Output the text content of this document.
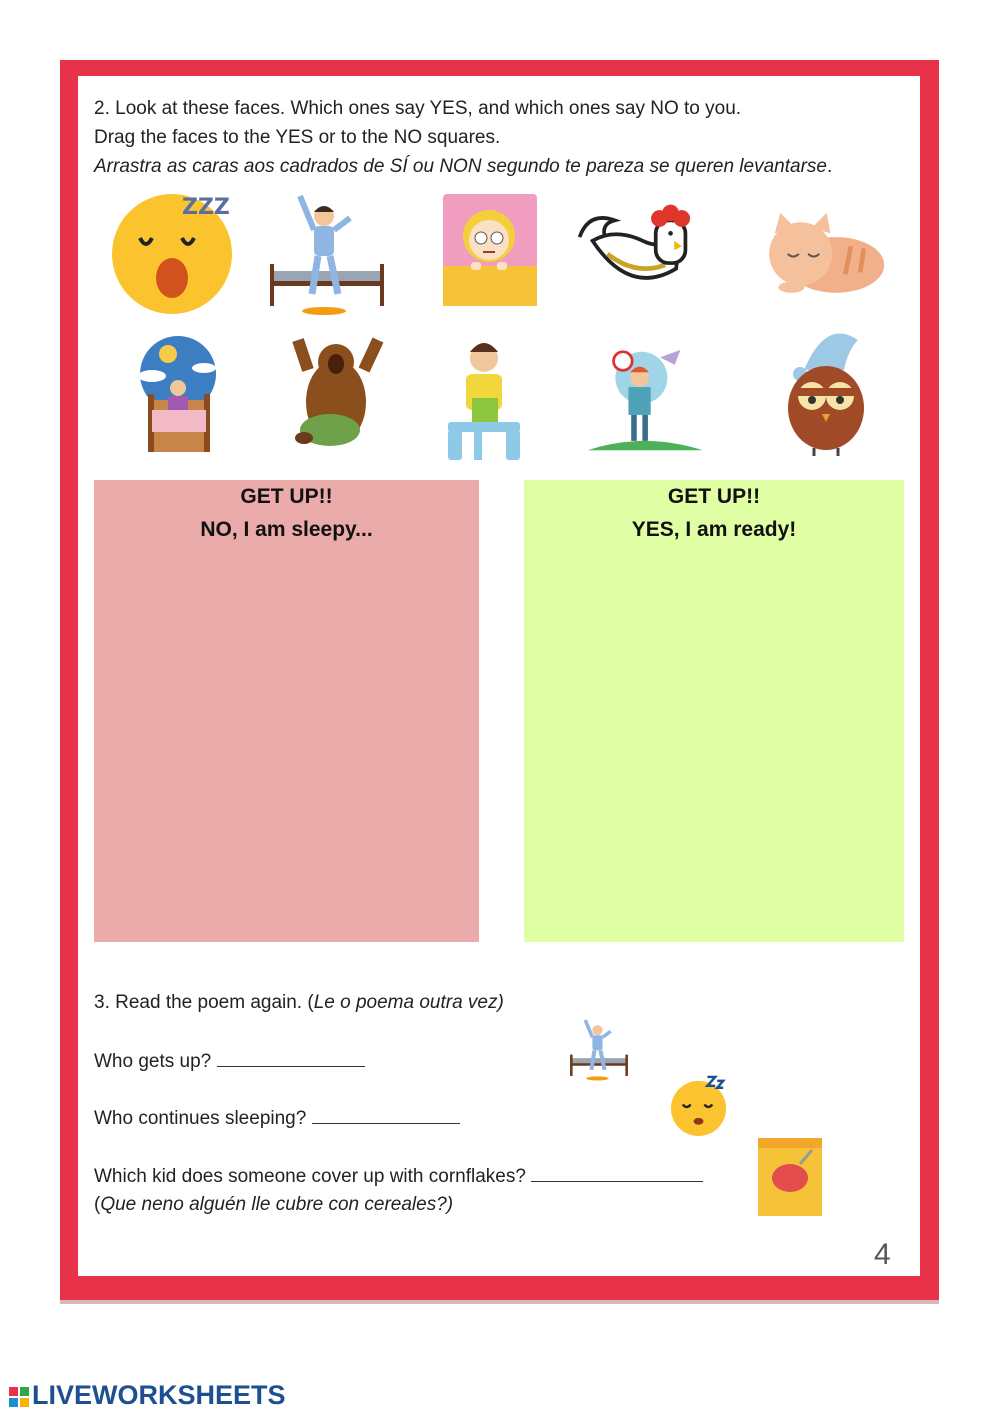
2. Look at these faces. Which ones say YES, and which ones say NO to you.
Drag the faces to the YES or to the NO squares.
Arrastra as caras aos cadrados de SÍ ou NON segundo te pareza se queren levantarse.
ZZZ
GET UP!!
NO, I am sleepy...
GET UP!!
YES, I am ready!
3. Read the poem again. (Le o poema outra vez)
Who gets up?
Who continues sleeping?
Which kid does someone cover up with cornflakes?
(Que neno alguén lle cubre con cereales?)
4
LIVEWORKSHEETS
